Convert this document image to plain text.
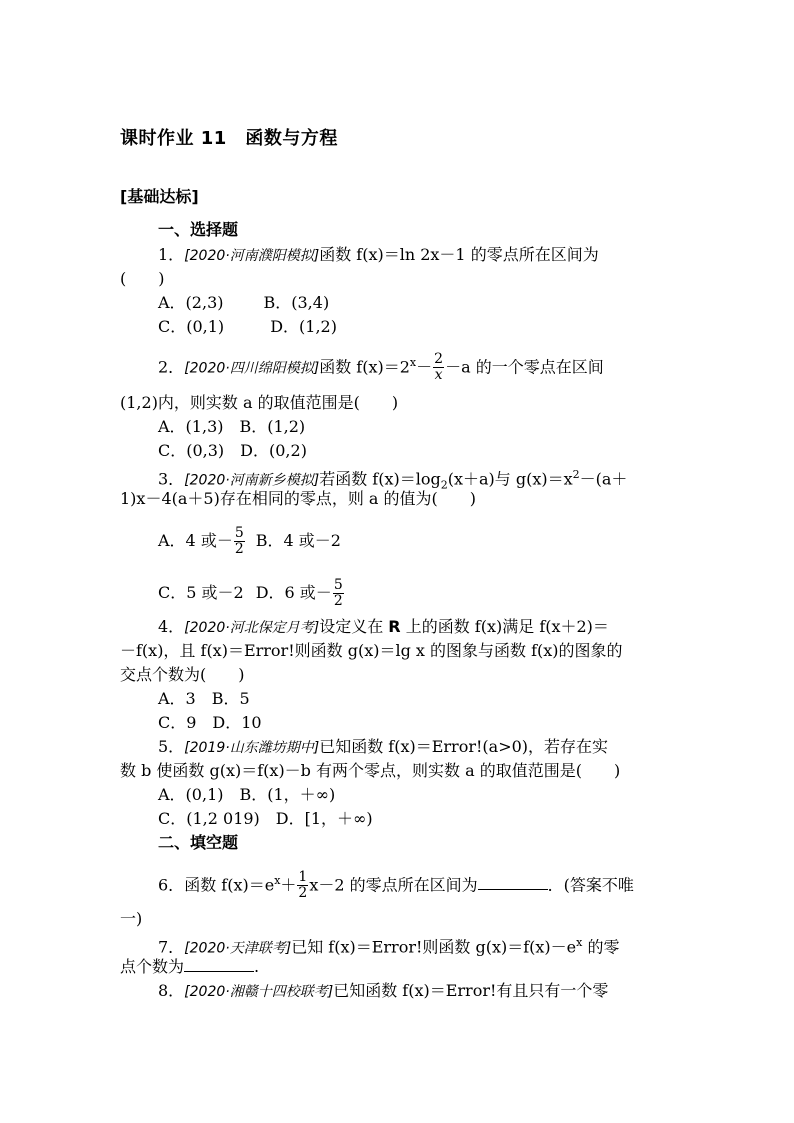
课时作业 11　函数与方程
[基础达标]
一、选择题
1．[2020·河南濮阳模拟]函数 f(x)＝ln 2x－1 的零点所在区间为
(　　)
A．(2,3)	B．(3,4)
C．(0,1)	D．(1,2)
2．[2020·四川绵阳模拟]函数 $f(x)=2^x- \frac{2}{x} -a$ 的一个零点在区间
(1,2)内，则实数 a 的取值范围是(　　)
A．(1,3)　B．(1,2)
C．(0,3)　D．(0,2)
3．[2020·河南新乡模拟]若函数 $f(x)=\log_2(x+a)$与 $g(x)=x^2-(a+$
1)x－4(a＋5)存在相同的零点，则 a 的值为(　　)
A．4 或－ $\frac{5}{2}$ B．4 或－2
C．5 或－2 D．6 或－ $\frac{5}{2}$
4．[2020·河北保定月考]设定义在 R 上的函数 f(x)满足 f(x＋2)＝
－f(x)，且 f(x)＝Error!则函数 g(x)＝lg x 的图象与函数 f(x)的图象的
交点个数为(　　)
A．3　B．5
C．9　D．10
5．[2019·山东潍坊期中]已知函数 f(x)＝Error!(a>0)，若存在实
数 b 使函数 g(x)＝f(x)－b 有两个零点，则实数 a 的取值范围是(　　)
A．(0,1)　B．(1，＋∞)
C．(1,2 019)　D．[1，＋∞)
二、填空题
6．函数 $f(x)=e^x+ \frac{1}{2} x-2$ 的零点所在区间为	．(答案不唯
一)
7．[2020·天津联考]已知 f(x)＝Error!则函数 $g(x)=f(x)-e^x$ 的零
点个数为	.
8．[2020·湘赣十四校联考]已知函数 f(x)＝Error!有且只有一个零
